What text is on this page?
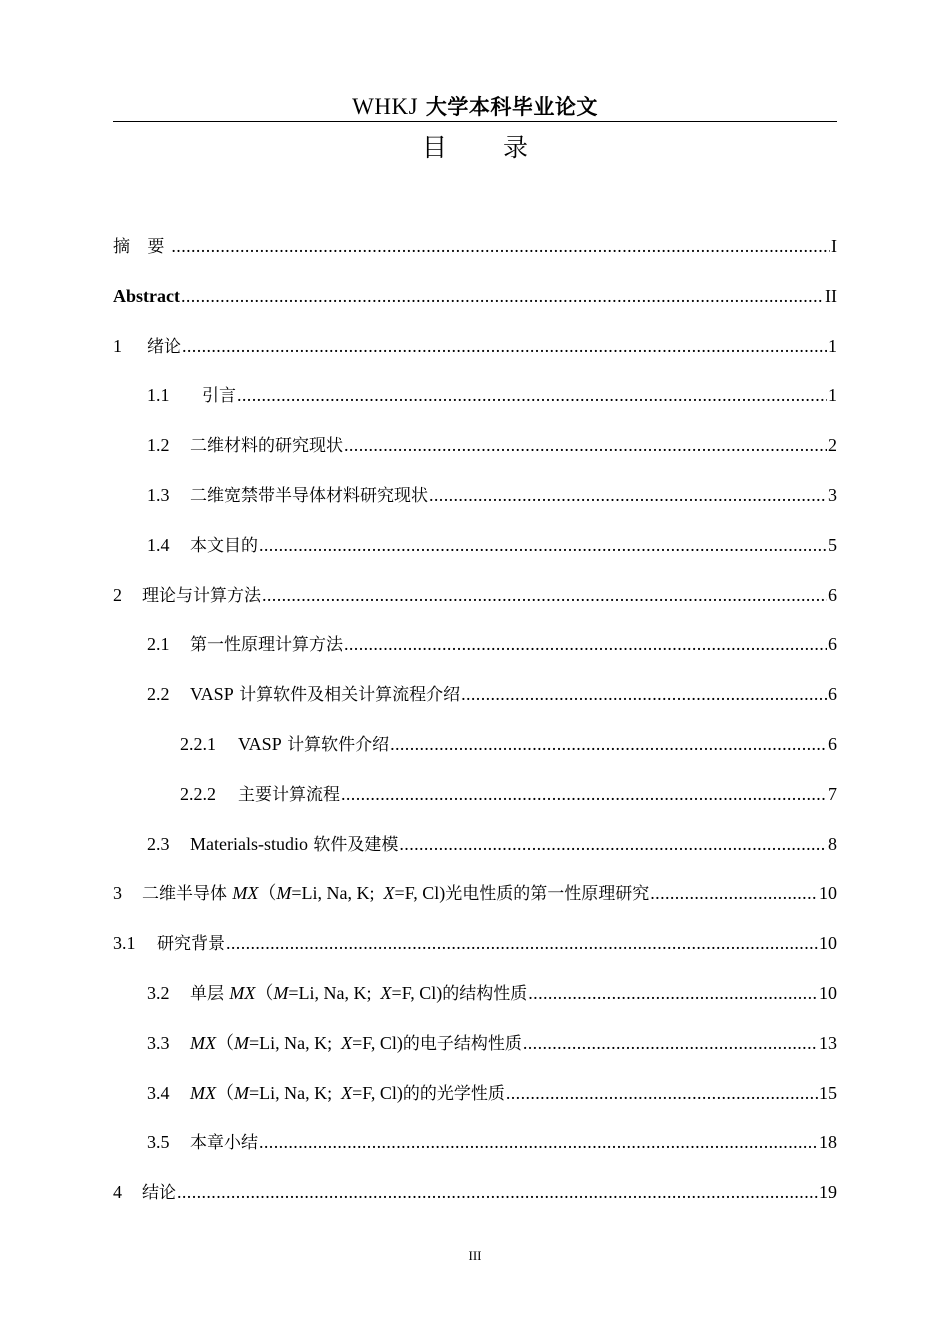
WHKJ 大学本科毕业论文
目 录
摘 要 .....	I
Abstract .....	II
1	绪论 .....	1
1.1	引言 .....	1
1.2	二维材料的研究现状 .....	2
1.3	二维宽禁带半导体材料研究现状 .....	3
1.4	本文目的 .....	5
2	理论与计算方法 .....	6
2.1	第一性原理计算方法 .....	6
2.2	VASP 计算软件及相关计算流程介绍 .....	6
2.2.1	VASP 计算软件介绍 .....	6
2.2.2	主要计算流程 .....	7
2.3	Materials-studio 软件及建模 .....	8
3	二维半导体 MX（M=Li, Na, K;  X=F, Cl)光电性质的第一性原理研究 .....	10
3.1	研究背景 .....	10
3.2	单层 MX（M=Li, Na, K;  X=F, Cl)的结构性质 .....	10
3.3	MX（M=Li, Na, K;  X=F, Cl)的电子结构性质 .....	13
3.4	MX（M=Li, Na, K;  X=F, Cl)的的光学性质 .....	15
3.5	本章小结 .....	18
4	结论 .....	19
III
